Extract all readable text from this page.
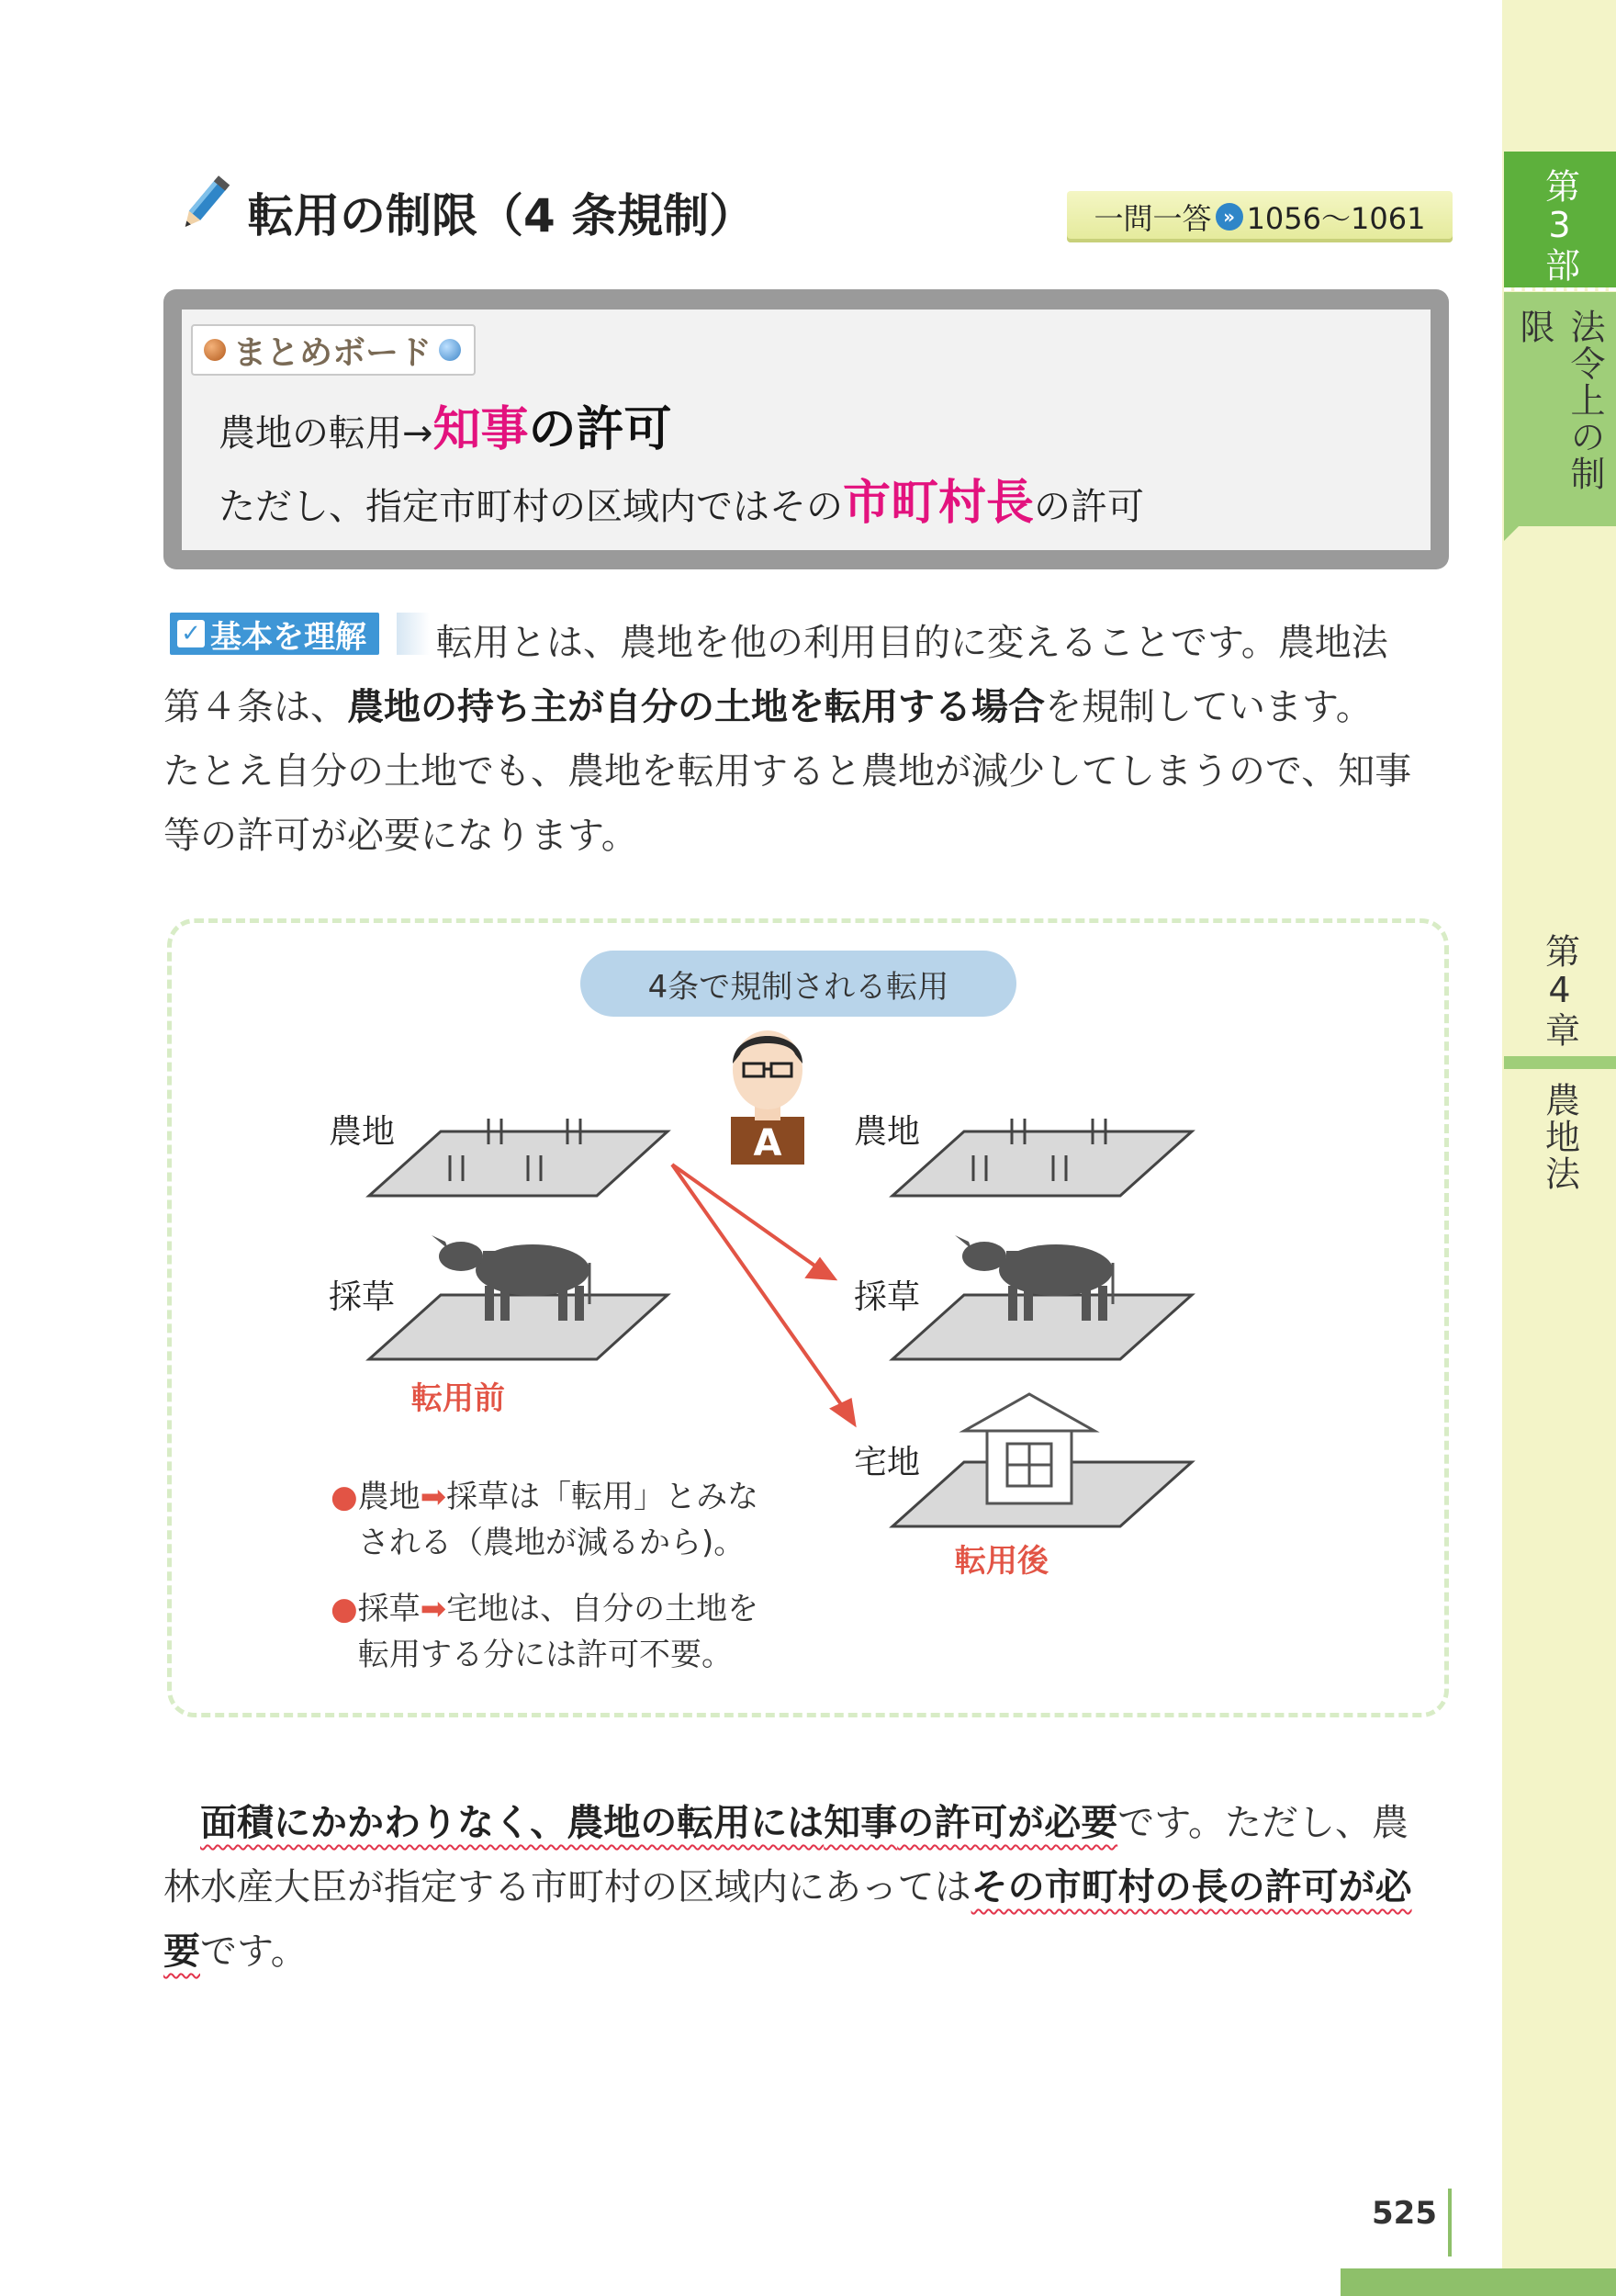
第3部
法令上の制限
第4章
農地法
525
転用の制限（4 条規制）	一問一答 » 1056〜1061
まとめボード
農地の転用→知事の許可
ただし、指定市町村の区域内ではその市町村長の許可
✓ 基本を理解 転用とは、農地を他の利用目的に変えることです。農地法
第４条は、農地の持ち主が自分の土地を転用する場合を規制しています。
たとえ自分の土地でも、農地を転用すると農地が減少してしまうので、知事
等の許可が必要になります。
4条で規制される転用
A
農地
採草
農地
採草
宅地
転用前
転用後
●農地➡採草は「転用」とみな
される（農地が減るから)。
●採草➡宅地は、自分の土地を
転用する分には許可不要。
面積にかかわりなく、農地の転用には知事の許可が必要です。ただし、農
林水産大臣が指定する市町村の区域内にあってはその市町村の長の許可が必
要です。
